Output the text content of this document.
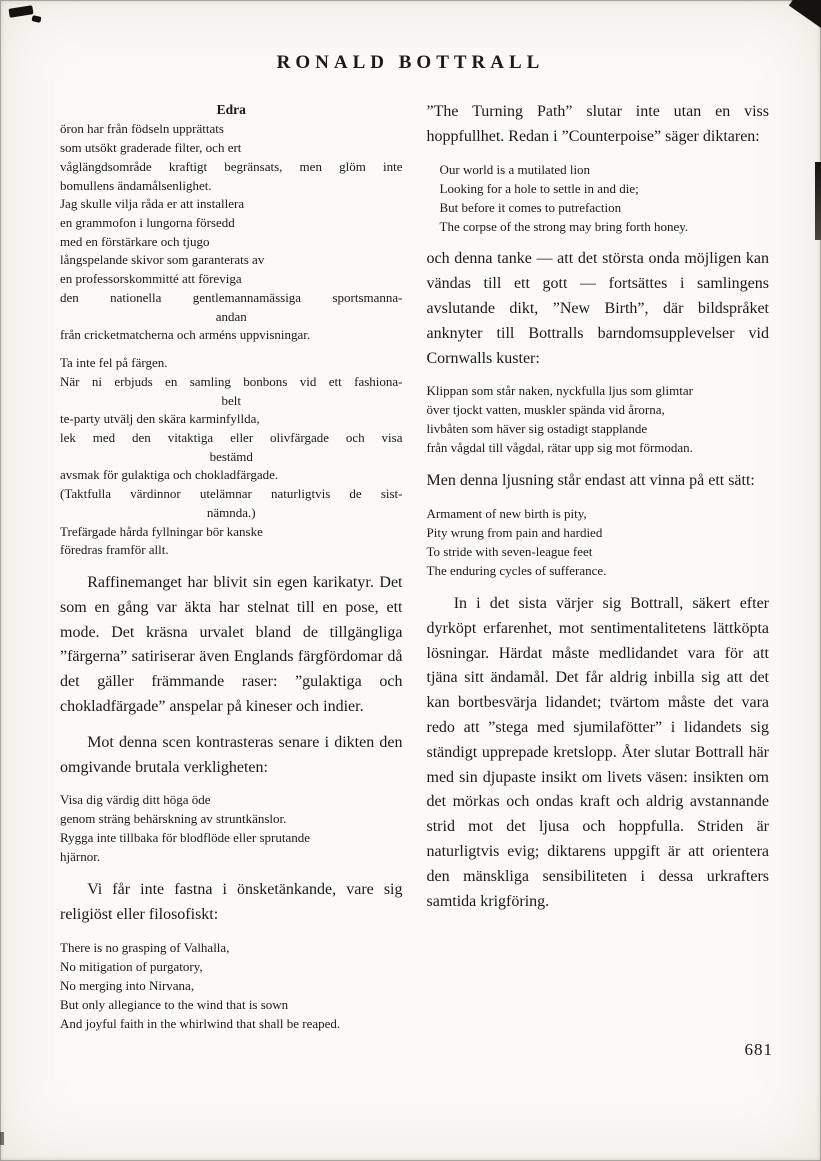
RONALD BOTTRALL
Edra
öron har från födseln upprättats
som utsökt graderade filter, och ert
våglängdsområde kraftigt begränsats, men glöm inte
bomullens ändamålsenlighet.
Jag skulle vilja råda er att installera
en grammofon i lungorna försedd
med en förstärkare och tjugo
långspelande skivor som garanterats av
en professorskommitté att föreviga
den nationella gentlemannamässiga sportsmanna-
andan
från cricketmatcherna och arméns uppvisningar.
Ta inte fel på färgen.
När ni erbjuds en samling bonbons vid ett fashiona-
belt
te-party utvälj den skära karminfyllda,
lek med den vitaktiga eller olivfärgade och visa
bestämd
avsmak för gulaktiga och chokladfärgade.
(Taktfulla värdinnor utelämnar naturligtvis de sist-
nämnda.)
Trefärgade hårda fyllningar bör kanske
föredras framför allt.
Raffinemanget har blivit sin egen karikatyr. Det som en gång var äkta har stelnat till en pose, ett mode. Det kräsna urvalet bland de tillgängliga ”färgerna” satiriserar även Englands färgfördomar då det gäller främmande raser: ”gulaktiga och chokladfärgade” anspelar på kineser och indier.
Mot denna scen kontrasteras senare i dikten den omgivande brutala verkligheten:
Visa dig värdig ditt höga öde
genom sträng behärskning av struntkänslor.
Rygga inte tillbaka för blodflöde eller sprutande
hjärnor.
Vi får inte fastna i önsketänkande, vare sig religiöst eller filosofiskt:
There is no grasping of Valhalla,
No mitigation of purgatory,
No merging into Nirvana,
But only allegiance to the wind that is sown
And joyful faith in the whirlwind that shall be reaped.
”The Turning Path” slutar inte utan en viss hoppfullhet. Redan i ”Counterpoise” säger diktaren:
Our world is a mutilated lion
Looking for a hole to settle in and die;
But before it comes to putrefaction
The corpse of the strong may bring forth honey.
och denna tanke — att det största onda möjligen kan vändas till ett gott — fortsättes i samlingens avslutande dikt, ”New Birth”, där bildspråket anknyter till Bottralls barndomsupplevelser vid Cornwalls kuster:
Klippan som står naken, nyckfulla ljus som glimtar
över tjockt vatten, muskler spända vid årorna,
livbåten som häver sig ostadigt stapplande
från vågdal till vågdal, rätar upp sig mot förmodan.
Men denna ljusning står endast att vinna på ett sätt:
Armament of new birth is pity,
Pity wrung from pain and hardied
To stride with seven-league feet
The enduring cycles of sufferance.
In i det sista värjer sig Bottrall, säkert efter dyrköpt erfarenhet, mot sentimentalitetens lättköpta lösningar. Härdat måste medlidandet vara för att tjäna sitt ändamål. Det får aldrig inbilla sig att det kan bortbesvärja lidandet; tvärtom måste det vara redo att ”stega med sjumilafötter” i lidandets sig ständigt upprepade kretslopp. Åter slutar Bottrall här med sin djupaste insikt om livets väsen: insikten om det mörkas och ondas kraft och aldrig avstannande strid mot det ljusa och hoppfulla. Striden är naturligtvis evig; diktarens uppgift är att orientera den mänskliga sensibiliteten i dessa urkrafters samtida krigföring.
681
